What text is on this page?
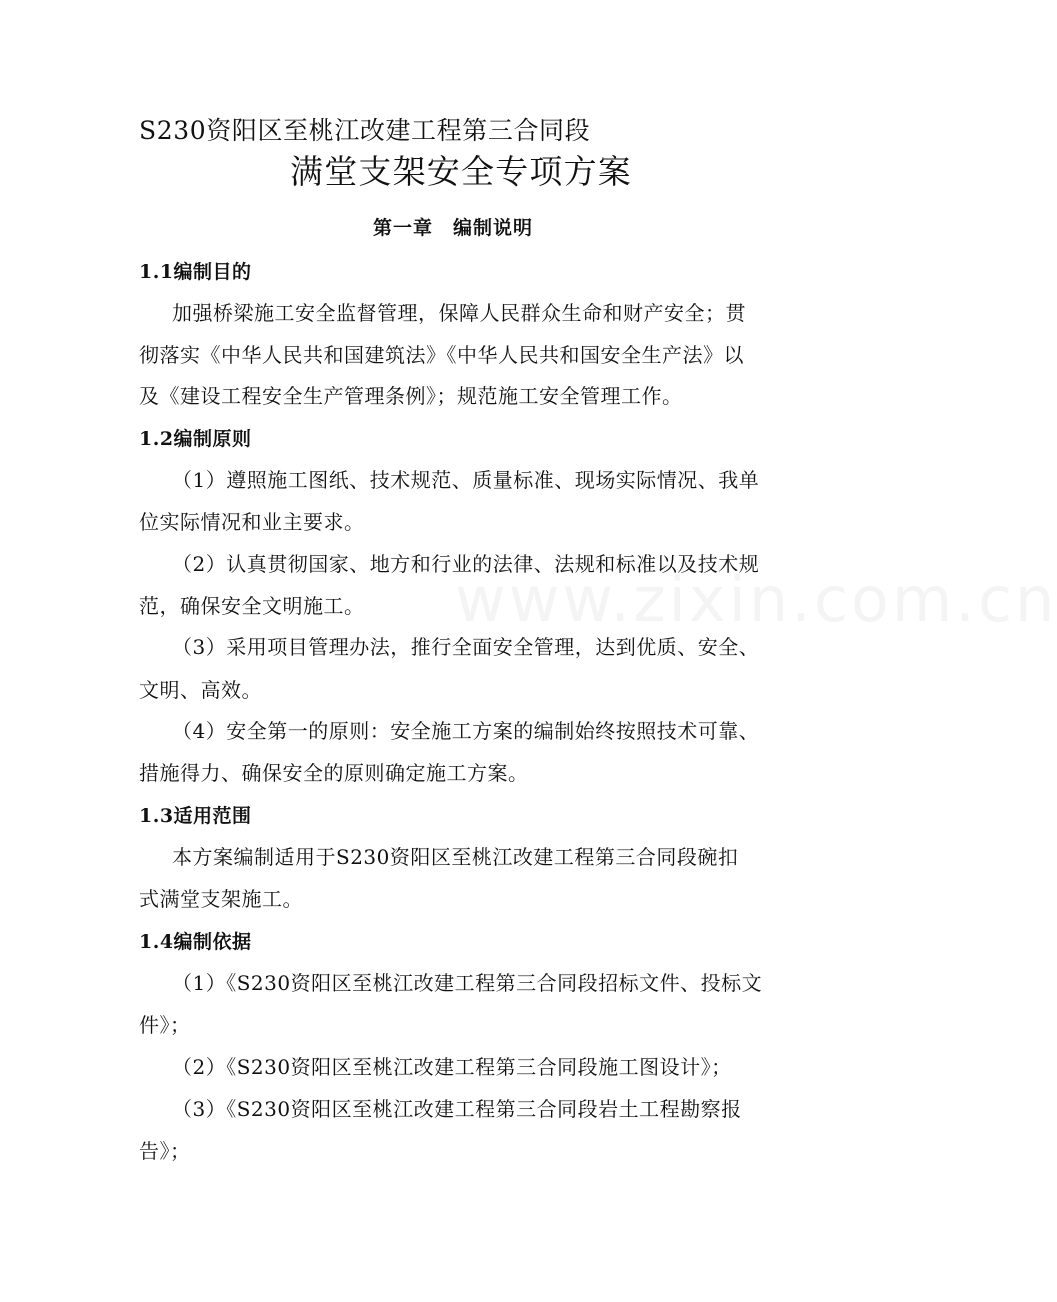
S230资阳区至桃江改建工程第三合同段
满堂支架安全专项方案
第一章　编制说明
1.1编制目的
加强桥梁施工安全监督管理，保障人民群众生命和财产安全；贯
彻落实《中华人民共和国建筑法》《中华人民共和国安全生产法》以
及《建设工程安全生产管理条例》；规范施工安全管理工作。
1.2编制原则
（1）遵照施工图纸、技术规范、质量标准、现场实际情况、我单
位实际情况和业主要求。
（2）认真贯彻国家、地方和行业的法律、法规和标准以及技术规
范，确保安全文明施工。
（3）采用项目管理办法，推行全面安全管理，达到优质、安全、
文明、高效。
（4）安全第一的原则：安全施工方案的编制始终按照技术可靠、
措施得力、确保安全的原则确定施工方案。
1.3适用范围
本方案编制适用于S230资阳区至桃江改建工程第三合同段碗扣
式满堂支架施工。
1.4编制依据
（1）《S230资阳区至桃江改建工程第三合同段招标文件、投标文
件》；
（2）《S230资阳区至桃江改建工程第三合同段施工图设计》；
（3）《S230资阳区至桃江改建工程第三合同段岩土工程勘察报
告》；
www.zixin.com.cn
